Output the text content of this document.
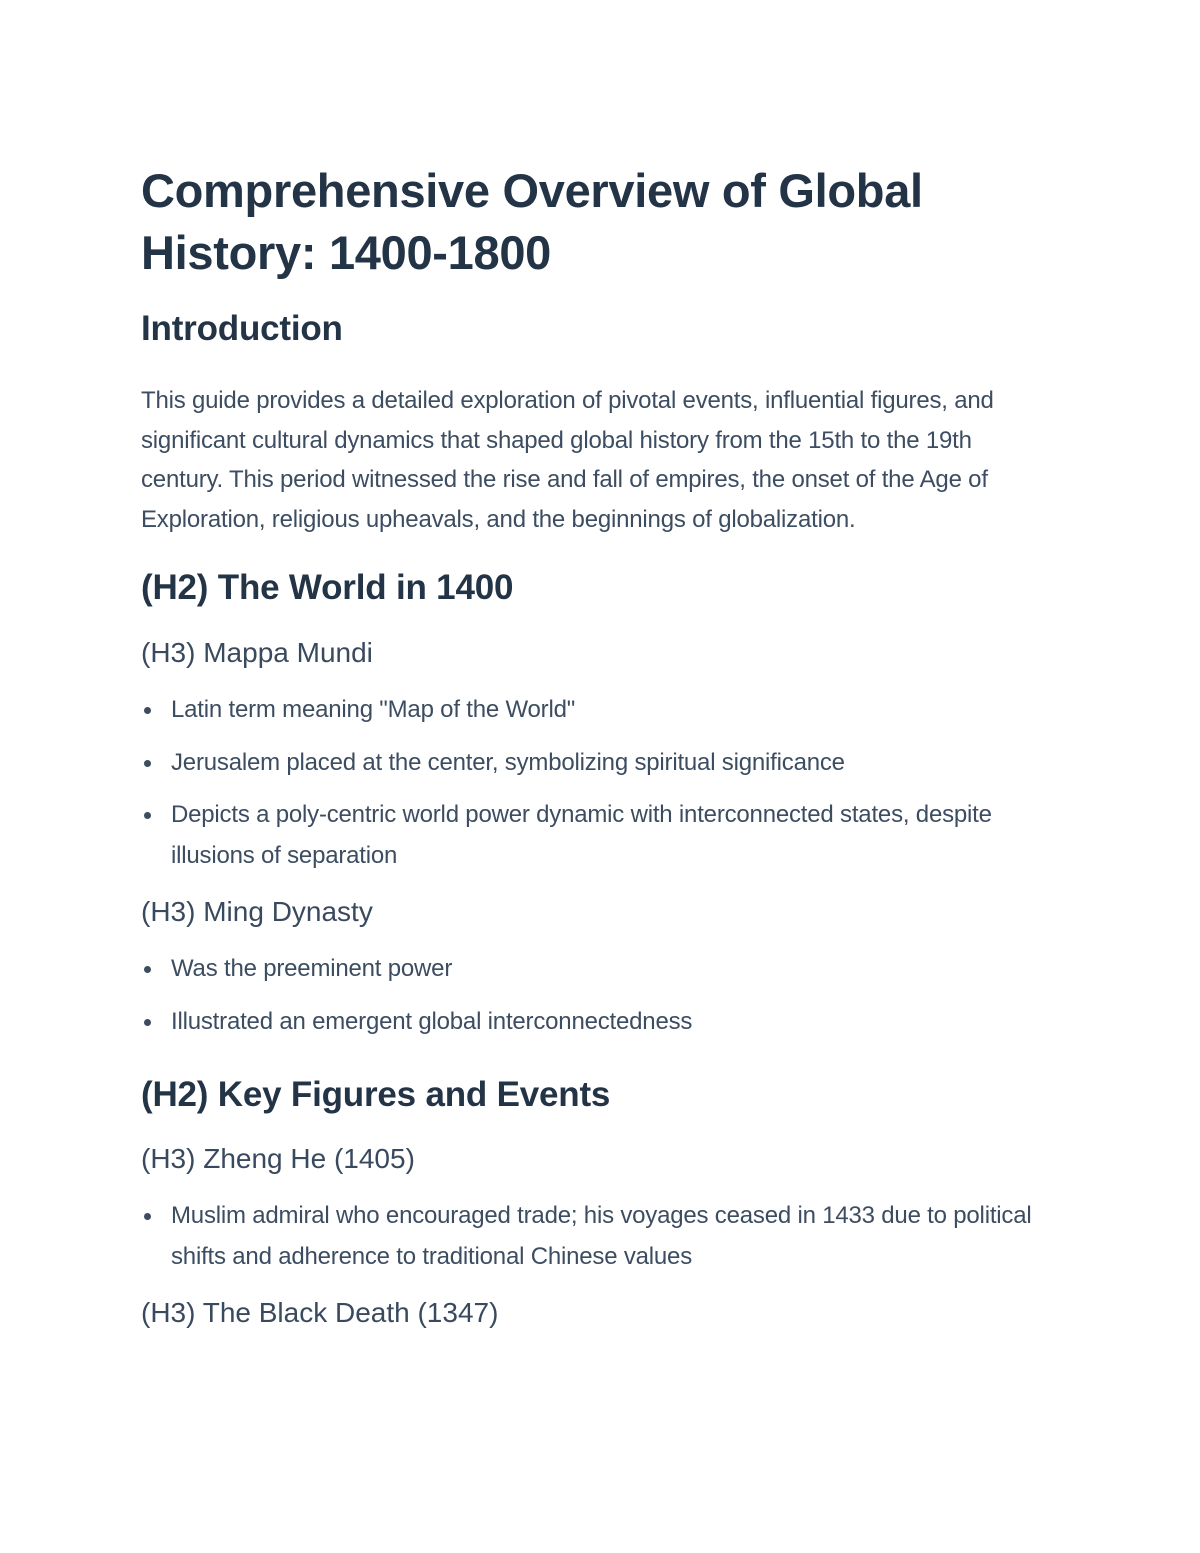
Comprehensive Overview of Global History: 1400-1800
Introduction

This guide provides a detailed exploration of pivotal events, influential figures, and significant cultural dynamics that shaped global history from the 15th to the 19th century. This period witnessed the rise and fall of empires, the onset of the Age of Exploration, religious upheavals, and the beginnings of globalization.

(H2) The World in 1400
(H3) Mappa Mundi
Latin term meaning "Map of the World"
Jerusalem placed at the center, symbolizing spiritual significance
Depicts a poly-centric world power dynamic with interconnected states, despite illusions of separation
(H3) Ming Dynasty
Was the preeminent power
Illustrated an emergent global interconnectedness
(H2) Key Figures and Events
(H3) Zheng He (1405)
Muslim admiral who encouraged trade; his voyages ceased in 1433 due to political shifts and adherence to traditional Chinese values
(H3) The Black Death (1347)
